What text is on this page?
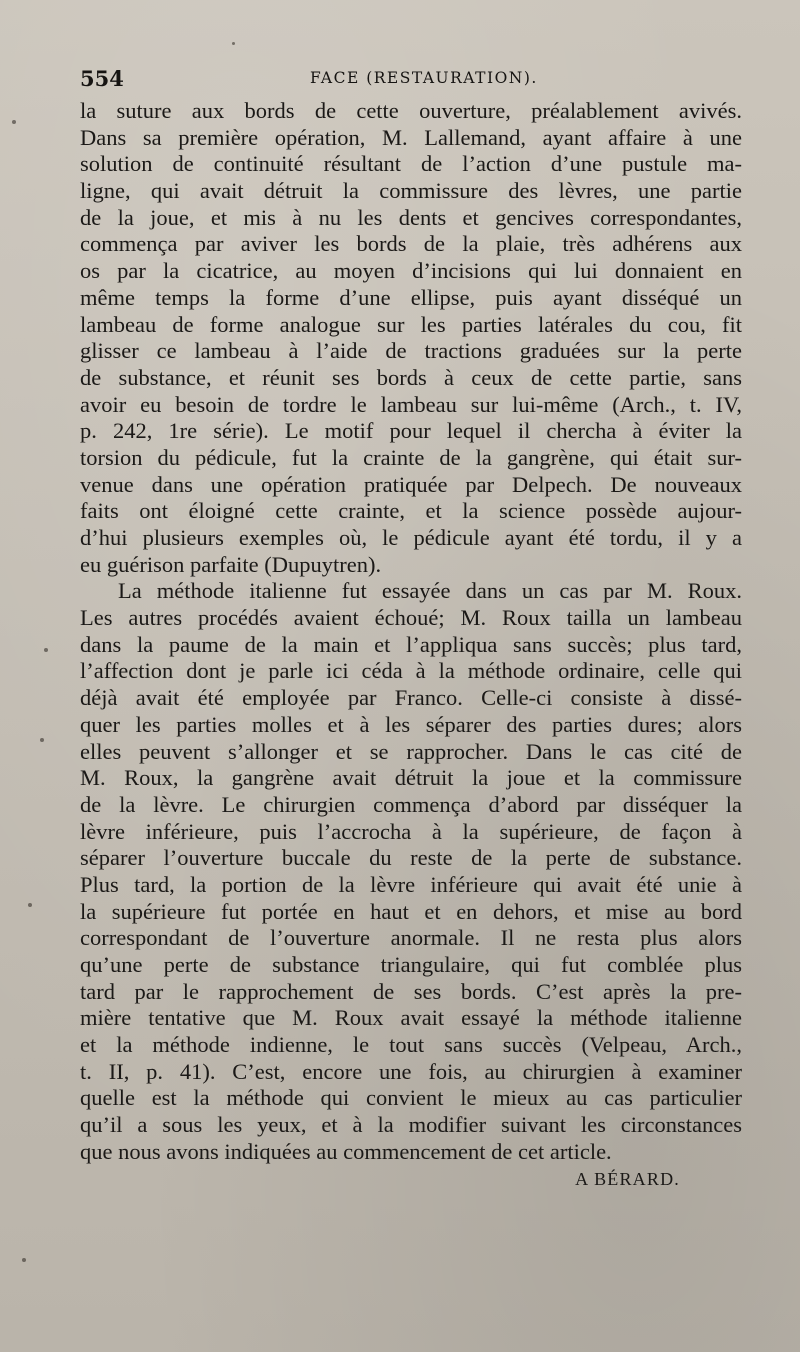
554	FACE (RESTAURATION).
la suture aux bords de cette ouverture, préalablement avivés.
Dans sa première opération, M. Lallemand, ayant affaire à une
solution de continuité résultant de l’action d’une pustule ma-
ligne, qui avait détruit la commissure des lèvres, une partie
de la joue, et mis à nu les dents et gencives correspondantes,
commença par aviver les bords de la plaie, très adhérens aux
os par la cicatrice, au moyen d’incisions qui lui donnaient en
même temps la forme d’une ellipse, puis ayant disséqué un
lambeau de forme analogue sur les parties latérales du cou, fit
glisser ce lambeau à l’aide de tractions graduées sur la perte
de substance, et réunit ses bords à ceux de cette partie, sans
avoir eu besoin de tordre le lambeau sur lui-même (Arch., t. IV,
p. 242, 1re série). Le motif pour lequel il chercha à éviter la
torsion du pédicule, fut la crainte de la gangrène, qui était sur-
venue dans une opération pratiquée par Delpech. De nouveaux
faits ont éloigné cette crainte, et la science possède aujour-
d’hui plusieurs exemples où, le pédicule ayant été tordu, il y a
eu guérison parfaite (Dupuytren).
La méthode italienne fut essayée dans un cas par M. Roux.
Les autres procédés avaient échoué; M. Roux tailla un lambeau
dans la paume de la main et l’appliqua sans succès; plus tard,
l’affection dont je parle ici céda à la méthode ordinaire, celle qui
déjà avait été employée par Franco. Celle-ci consiste à dissé-
quer les parties molles et à les séparer des parties dures; alors
elles peuvent s’allonger et se rapprocher. Dans le cas cité de
M. Roux, la gangrène avait détruit la joue et la commissure
de la lèvre. Le chirurgien commença d’abord par disséquer la
lèvre inférieure, puis l’accrocha à la supérieure, de façon à
séparer l’ouverture buccale du reste de la perte de substance.
Plus tard, la portion de la lèvre inférieure qui avait été unie à
la supérieure fut portée en haut et en dehors, et mise au bord
correspondant de l’ouverture anormale. Il ne resta plus alors
qu’une perte de substance triangulaire, qui fut comblée plus
tard par le rapprochement de ses bords. C’est après la pre-
mière tentative que M. Roux avait essayé la méthode italienne
et la méthode indienne, le tout sans succès (Velpeau, Arch.,
t. II, p. 41). C’est, encore une fois, au chirurgien à examiner
quelle est la méthode qui convient le mieux au cas particulier
qu’il a sous les yeux, et à la modifier suivant les circonstances
que nous avons indiquées au commencement de cet article.
A BÉRARD.
